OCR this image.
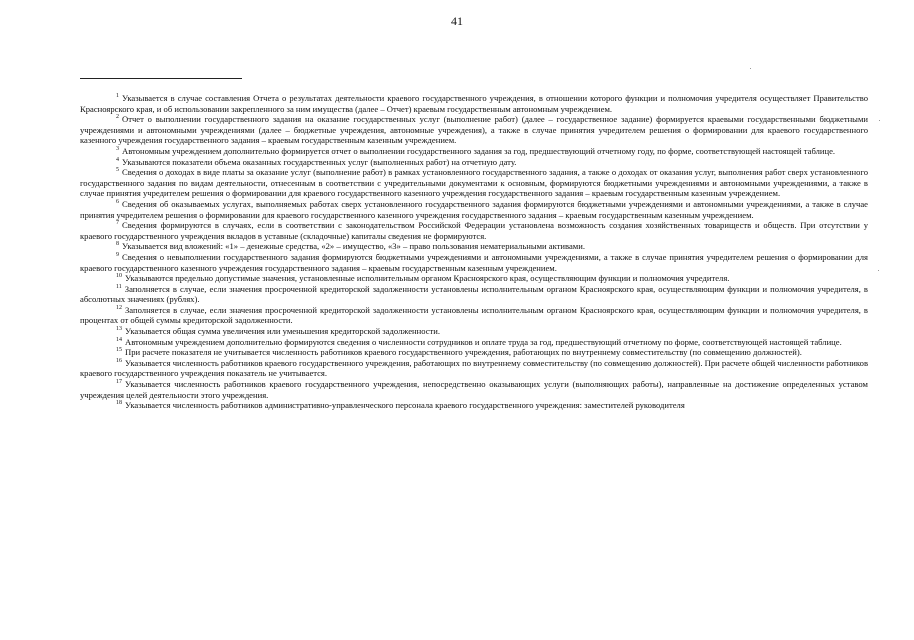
41

$^1$ Указывается в случае составления Отчета о результатах деятельности краевого государственного учреждения, в отношении которого функции и полномочия учредителя осуществляет Правительство Красноярского края, и об использовании закрепленного за ним имущества (далее – Отчет) краевым государственным автономным учреждением.

$^2$ Отчет о выполнении государственного задания на оказание государственных услуг (выполнение работ) (далее – государственное задание) формируется краевыми государственными бюджетными учреждениями и автономными учреждениями (далее – бюджетные учреждения, автономные учреждения), а также в случае принятия учредителем решения о формировании для краевого государственного казенного учреждения государственного задания – краевым государственным казенным учреждением.

$^3$ Автономным учреждением дополнительно формируется отчет о выполнении государственного задания за год, предшествующий отчетному году, по форме, соответствующей настоящей таблице.

$^4$ Указываются показатели объема оказанных государственных услуг (выполненных работ) на отчетную дату.

$^5$ Сведения о доходах в виде платы за оказание услуг (выполнение работ) в рамках установленного государственного задания, а также о доходах от оказания услуг, выполнения работ сверх установленного государственного задания по видам деятельности, отнесенным в соответствии с учредительными документами к основным, формируются бюджетными учреждениями и автономными учреждениями, а также в случае принятия учредителем решения о формировании для краевого государственного казенного учреждения государственного задания – краевым государственным казенным учреждением.

$^6$ Сведения об оказываемых услугах, выполняемых работах сверх установленного государственного задания формируются бюджетными учреждениями и автономными учреждениями, а также в случае принятия учредителем решения о формировании для краевого государственного казенного учреждения государственного задания – краевым государственным казенным учреждением.

$^7$ Сведения формируются в случаях, если в соответствии с законодательством Российской Федерации установлена возможность создания хозяйственных товариществ и обществ. При отсутствии у краевого государственного учреждения вкладов в уставные (складочные) капиталы сведения не формируются.

$^8$ Указывается вид вложений: «1» – денежные средства, «2» – имущество, «3» – право пользования нематериальными активами.

$^9$ Сведения о невыполнении государственного задания формируются бюджетными учреждениями и автономными учреждениями, а также в случае принятия учредителем решения о формировании для краевого государственного казенного учреждения государственного задания – краевым государственным казенным учреждением.

$^{10}$ Указываются предельно допустимые значения, установленные исполнительным органом Красноярского края, осуществляющим функции и полномочия учредителя.

$^{11}$ Заполняется в случае, если значения просроченной кредиторской задолженности установлены исполнительным органом Красноярского края, осуществляющим функции и полномочия учредителя, в абсолютных значениях (рублях).

$^{12}$ Заполняется в случае, если значения просроченной кредиторской задолженности установлены исполнительным органом Красноярского края, осуществляющим функции и полномочия учредителя, в процентах от общей суммы кредиторской задолженности.

$^{13}$ Указывается общая сумма увеличения или уменьшения кредиторской задолженности.

$^{14}$ Автономным учреждением дополнительно формируются сведения о численности сотрудников и оплате труда за год, предшествующий отчетному по форме, соответствующей настоящей таблице.

$^{15}$ При расчете показателя не учитывается численность работников краевого государственного учреждения, работающих по внутреннему совместительству (по совмещению должностей).

$^{16}$ Указывается численность работников краевого государственного учреждения, работающих по внутреннему совместительству (по совмещению должностей). При расчете общей численности работников краевого государственного учреждения показатель не учитывается.

$^{17}$ Указывается численность работников краевого государственного учреждения, непосредственно оказывающих услуги (выполняющих работы), направленные на достижение определенных уставом учреждения целей деятельности этого учреждения.

$^{18}$ Указывается численность работников административно-управленческого персонала краевого государственного учреждения: заместителей руководителя
